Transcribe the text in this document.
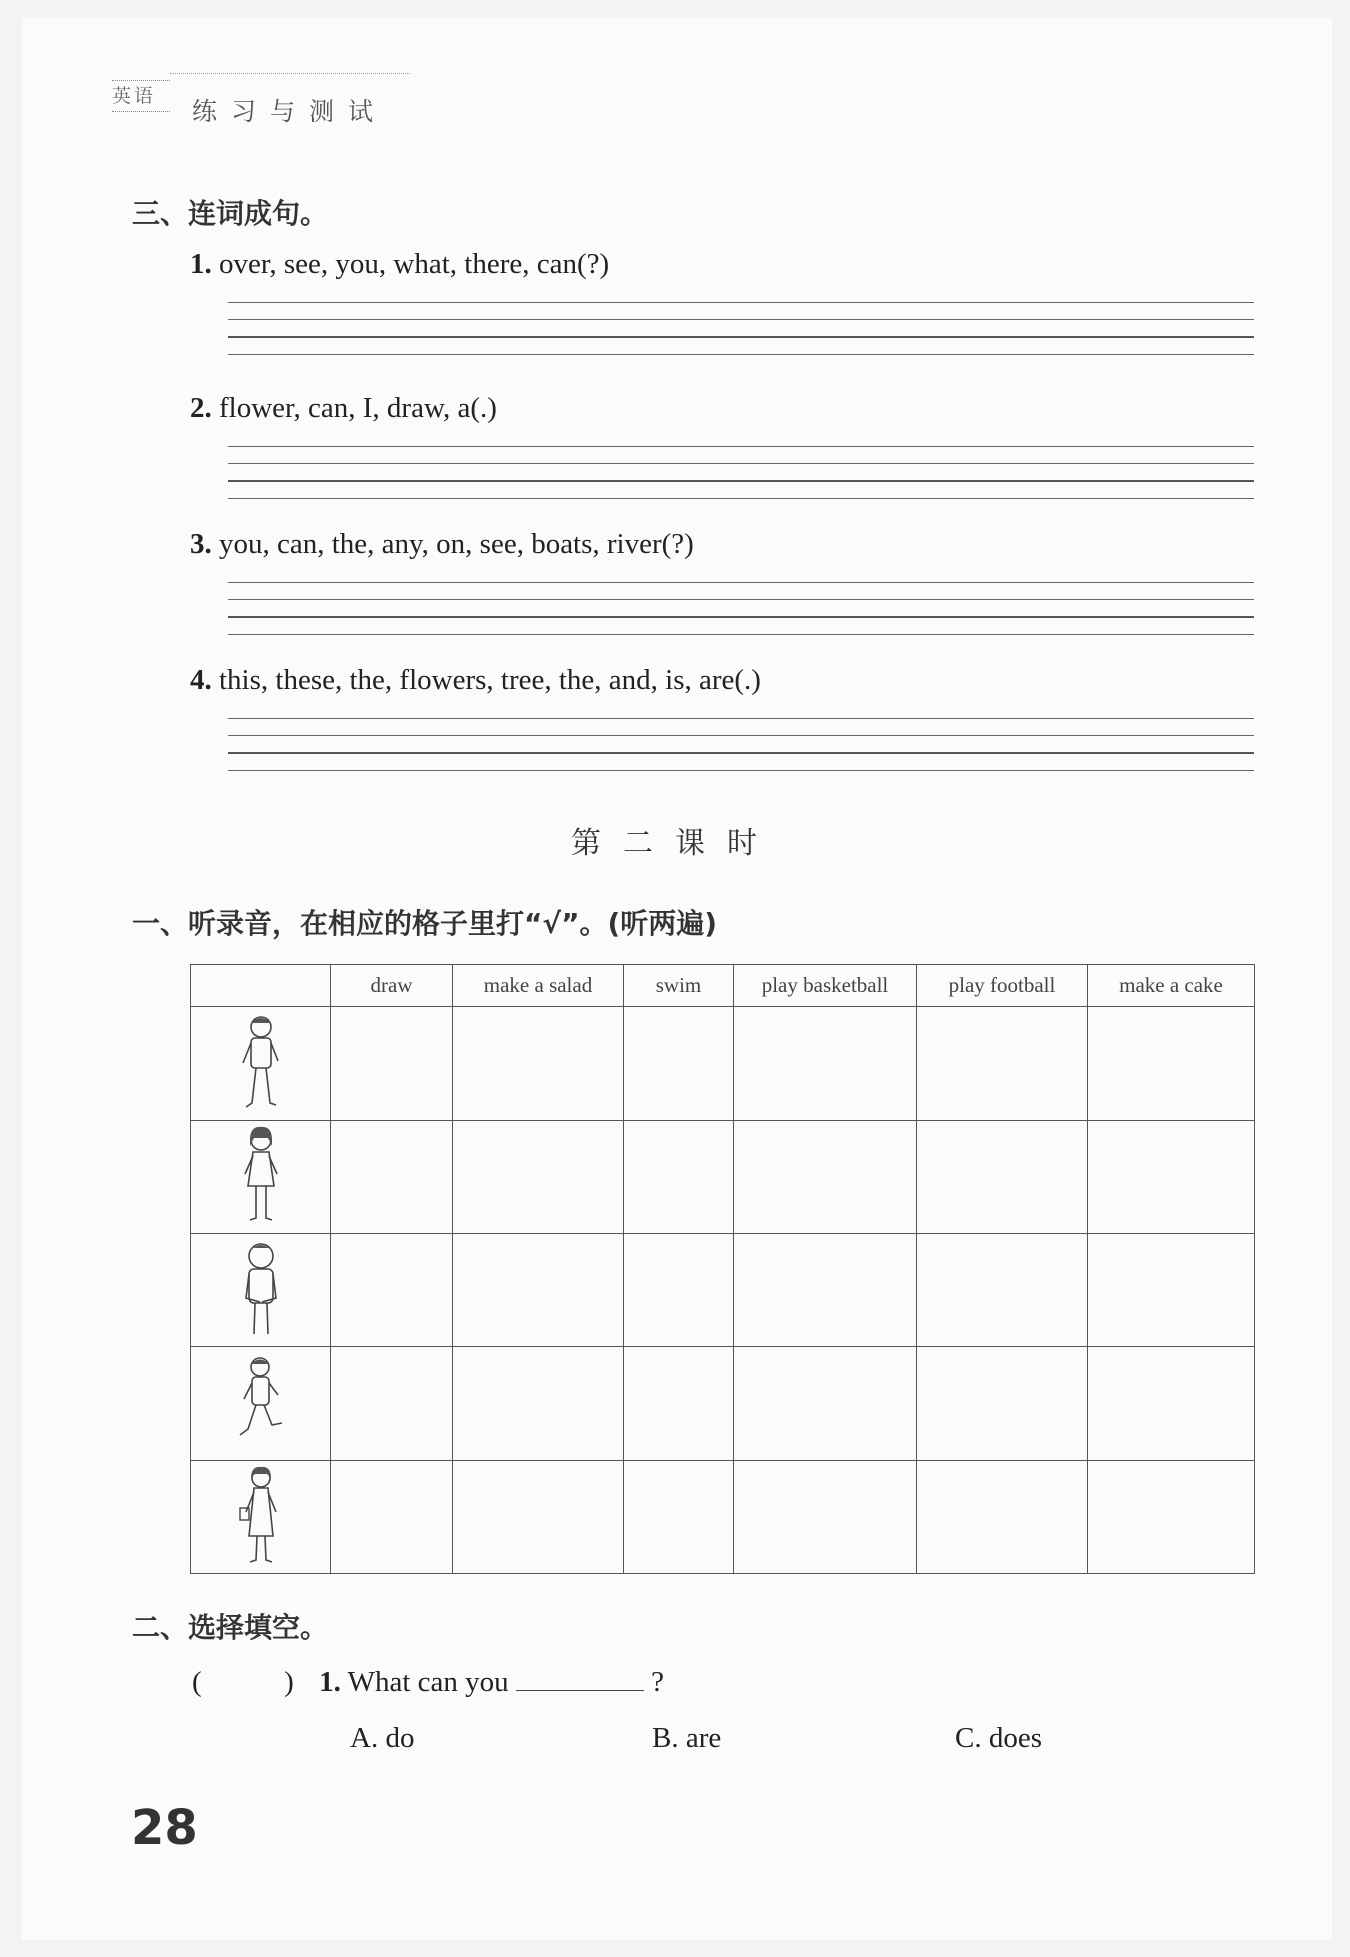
英语
练习与测试
三、连词成句。
1. over, see, you, what, there, can(?)
2. flower, can, I, draw, a(.)
3. you, can, the, any, on, see, boats, river(?)
4. this, these, the, flowers, tree, the, and, is, are(.)
第二课时
一、听录音，在相应的格子里打“√”。(听两遍)
	draw	make a salad	swim	play basketball	play football	make a cake

二、选择填空。
(	) 1. What can you	?
A. do	B. are	C. does
28
